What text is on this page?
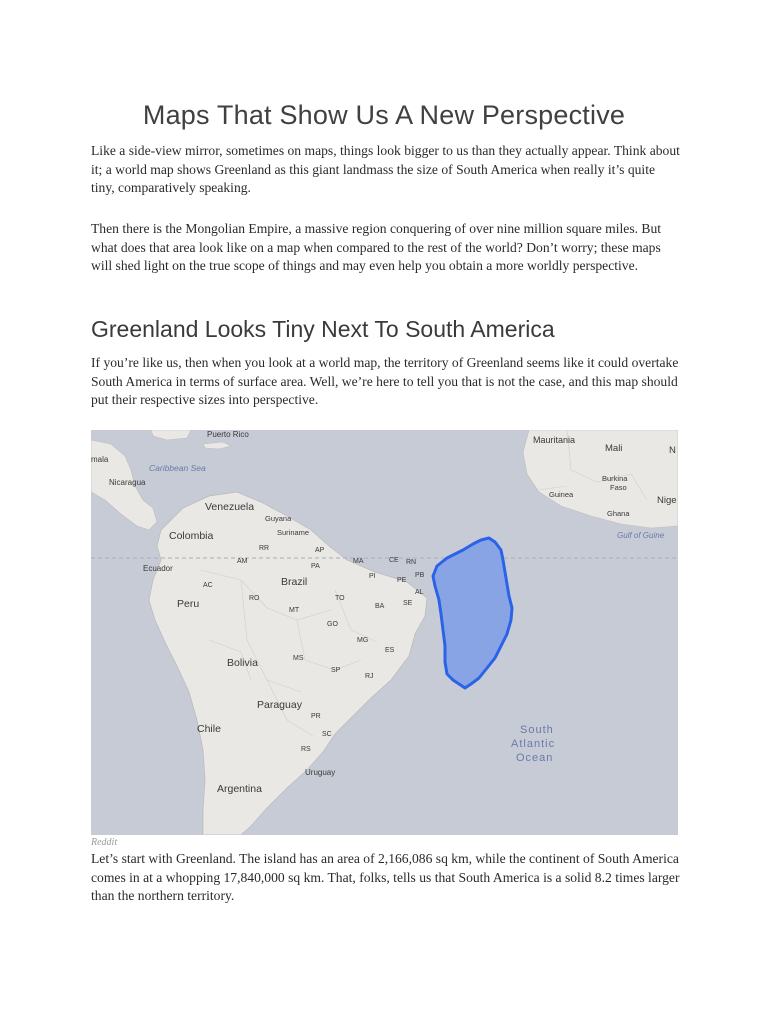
Maps That Show Us A New Perspective

Like a side-view mirror, sometimes on maps, things look bigger to us than they actually appear. Think about it; a world map shows Greenland as this giant landmass the size of South America when really it’s quite tiny, comparatively speaking.

Then there is the Mongolian Empire, a massive region conquering of over nine million square miles. But what does that area look like on a map when compared to the rest of the world? Don’t worry; these maps will shed light on the true scope of things and may even help you obtain a more worldly perspective.

Greenland Looks Tiny Next To South America

If you’re like us, then when you look at a world map, the territory of Greenland seems like it could overtake South America in terms of surface area. Well, we’re here to tell you that is not the case, and this map should put their respective sizes into perspective.

Puerto Rico
mala
Caribbean Sea
Nicaragua
Venezuela
Guyana
Suriname
RR	AP
Colombia
Ecuador
AM
PA
MA	CE RN
PB
PI
PE
AC	Brazil
AL
SE
Peru	RO	TO
BA
MT
Bolivia
GO
MG
ES
MS
SP
RJ
Paraguay
PR
SC
Chile
RS
Uruguay
Argentina
Mauritania
Mali	N
Burkina
Faso
Guinea
Nige
Ghana
Gulf of Guine
South
Atlantic
Ocean

Reddit

Let’s start with Greenland. The island has an area of 2,166,086 sq km, while the continent of South America comes in at a whopping 17,840,000 sq km. That, folks, tells us that South America is a solid 8.2 times larger than the northern territory.
